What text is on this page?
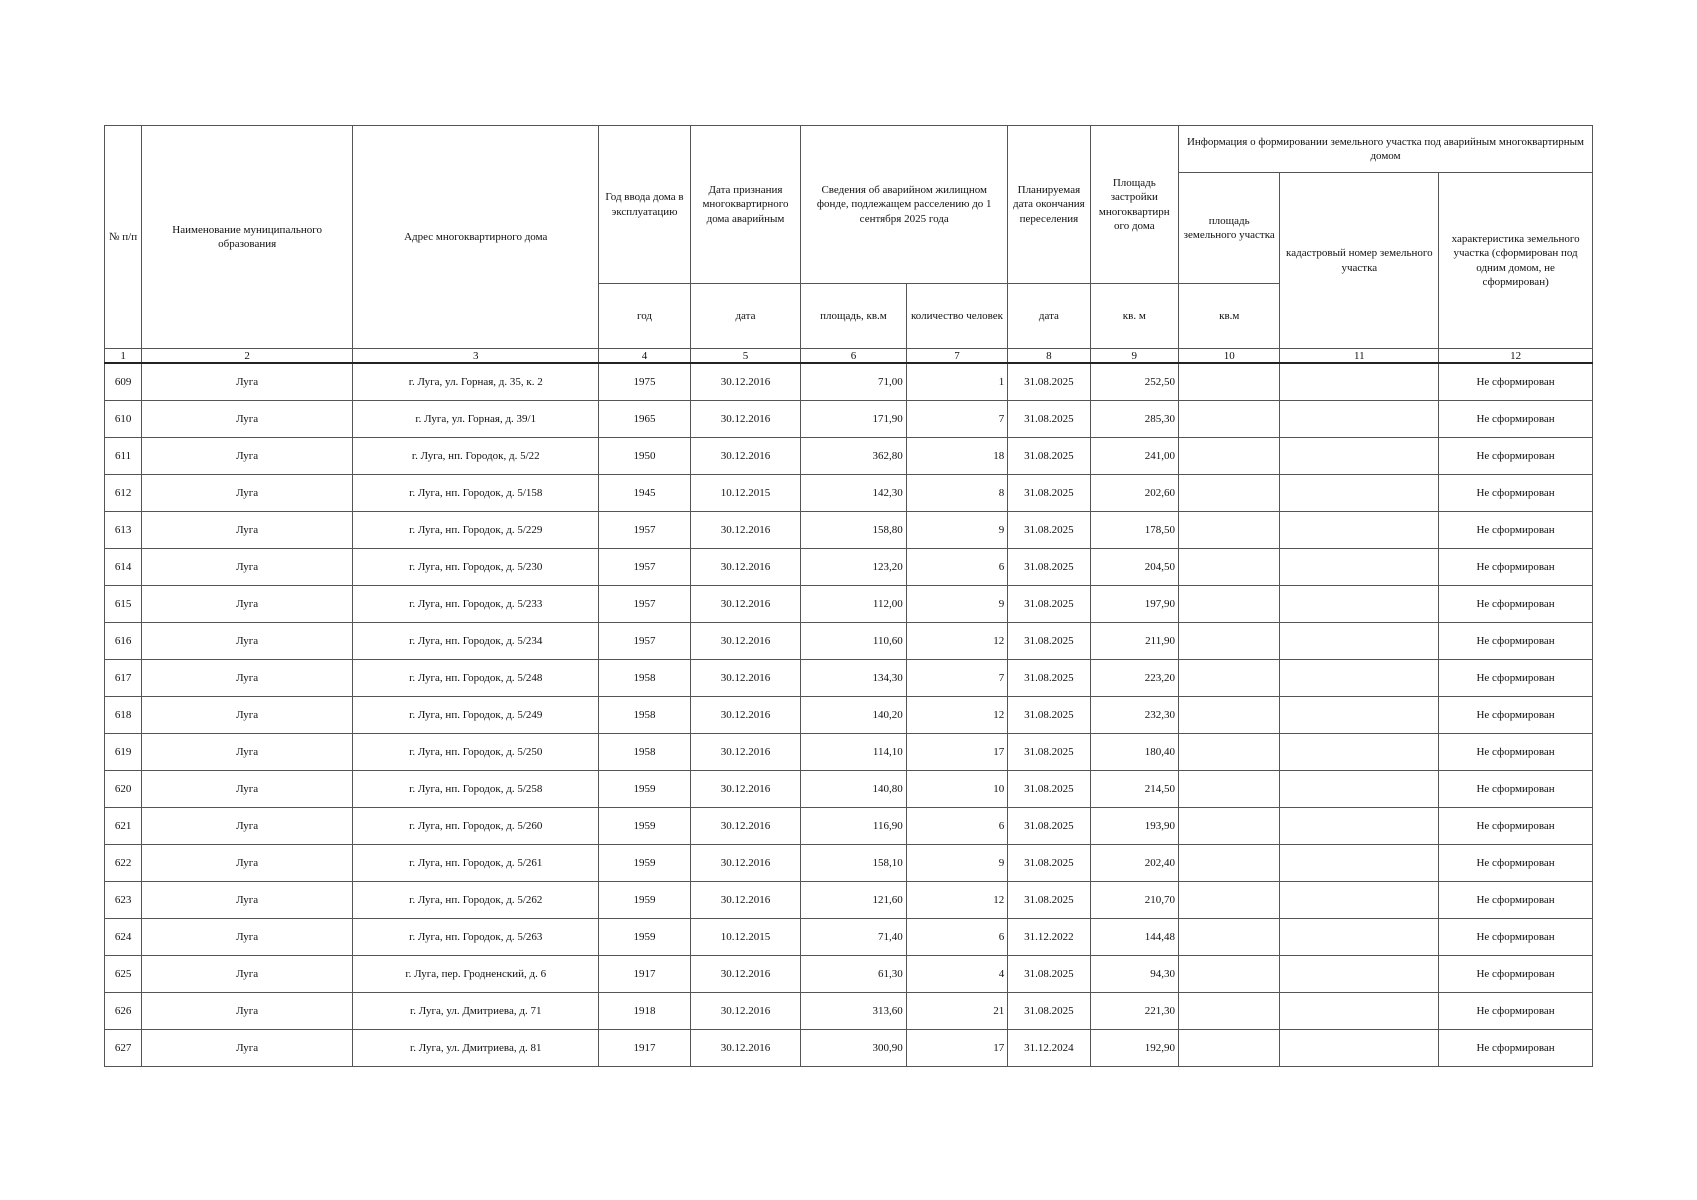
№ п/п	Наименование муниципального образования	Адрес многоквартирного дома	Год ввода дома в эксплуатацию	Дата признания многоквартирного дома аварийным	Сведения об аварийном жилищном фонде, подлежащем расселению до 1 сентября 2025 года		Планируемая дата окончания переселения	Площадь застройки многоквартирн ого дома	Информация о формировании земельного участка под аварийным многоквартирным домом		
									площадь земельного участка	кадастровый номер земельного участка	характеристика земельного участка (сформирован под одним домом, не сформирован)
			год	дата	площадь, кв.м	количество человек	дата	кв. м	кв.м		
1	2	3	4	5	6	7	8	9	10	11	12
609	Луга	г. Луга, ул. Горная, д. 35, к. 2	1975	30.12.2016	71,00	1	31.08.2025	252,50			Не сформирован
610	Луга	г. Луга, ул. Горная, д. 39/1	1965	30.12.2016	171,90	7	31.08.2025	285,30			Не сформирован
611	Луга	г. Луга, нп. Городок, д. 5/22	1950	30.12.2016	362,80	18	31.08.2025	241,00			Не сформирован
612	Луга	г. Луга, нп. Городок, д. 5/158	1945	10.12.2015	142,30	8	31.08.2025	202,60			Не сформирован
613	Луга	г. Луга, нп. Городок, д. 5/229	1957	30.12.2016	158,80	9	31.08.2025	178,50			Не сформирован
614	Луга	г. Луга, нп. Городок, д. 5/230	1957	30.12.2016	123,20	6	31.08.2025	204,50			Не сформирован
615	Луга	г. Луга, нп. Городок, д. 5/233	1957	30.12.2016	112,00	9	31.08.2025	197,90			Не сформирован
616	Луга	г. Луга, нп. Городок, д. 5/234	1957	30.12.2016	110,60	12	31.08.2025	211,90			Не сформирован
617	Луга	г. Луга, нп. Городок, д. 5/248	1958	30.12.2016	134,30	7	31.08.2025	223,20			Не сформирован
618	Луга	г. Луга, нп. Городок, д. 5/249	1958	30.12.2016	140,20	12	31.08.2025	232,30			Не сформирован
619	Луга	г. Луга, нп. Городок, д. 5/250	1958	30.12.2016	114,10	17	31.08.2025	180,40			Не сформирован
620	Луга	г. Луга, нп. Городок, д. 5/258	1959	30.12.2016	140,80	10	31.08.2025	214,50			Не сформирован
621	Луга	г. Луга, нп. Городок, д. 5/260	1959	30.12.2016	116,90	6	31.08.2025	193,90			Не сформирован
622	Луга	г. Луга, нп. Городок, д. 5/261	1959	30.12.2016	158,10	9	31.08.2025	202,40			Не сформирован
623	Луга	г. Луга, нп. Городок, д. 5/262	1959	30.12.2016	121,60	12	31.08.2025	210,70			Не сформирован
624	Луга	г. Луга, нп. Городок, д. 5/263	1959	10.12.2015	71,40	6	31.12.2022	144,48			Не сформирован
625	Луга	г. Луга, пер. Гродненский, д. 6	1917	30.12.2016	61,30	4	31.08.2025	94,30			Не сформирован
626	Луга	г. Луга, ул. Дмитриева, д. 71	1918	30.12.2016	313,60	21	31.08.2025	221,30			Не сформирован
627	Луга	г. Луга, ул. Дмитриева, д. 81	1917	30.12.2016	300,90	17	31.12.2024	192,90			Не сформирован
